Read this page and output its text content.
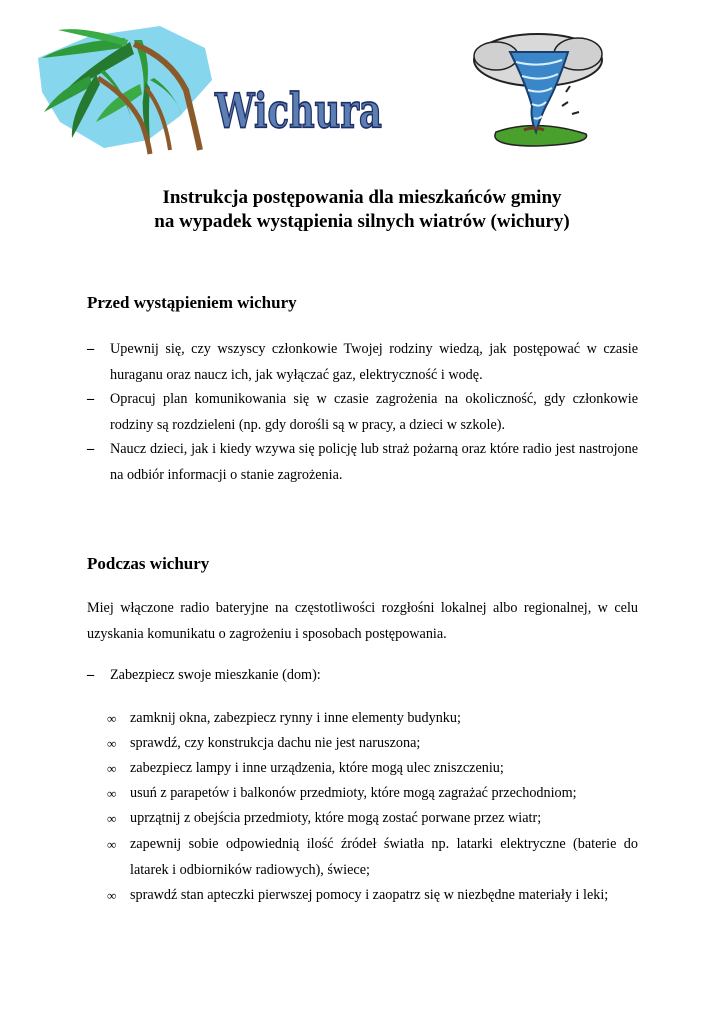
Wichura
Instrukcja postępowania dla mieszkańców gminy
na wypadek wystąpienia silnych wiatrów (wichury)
Przed wystąpieniem wichury
– Upewnij się, czy wszyscy członkowie Twojej rodziny wiedzą, jak postępować w czasie huraganu oraz naucz ich, jak wyłączać gaz, elektryczność i wodę.
– Opracuj plan komunikowania się w czasie zagrożenia na okoliczność, gdy członkowie rodziny są rozdzieleni (np. gdy dorośli są w pracy, a dzieci w szkole).
– Naucz dzieci, jak i kiedy wzywa się policję lub straż pożarną oraz które radio jest nastrojone na odbiór informacji o stanie zagrożenia.
Podczas wichury
Miej włączone radio bateryjne na częstotliwości rozgłośni lokalnej albo regionalnej, w celu uzyskania komunikatu o zagrożeniu i sposobach postępowania.
– Zabezpiecz swoje mieszkanie (dom):
∞ zamknij okna, zabezpiecz rynny i inne elementy budynku;
∞ sprawdź, czy konstrukcja dachu nie jest naruszona;
∞ zabezpiecz lampy i inne urządzenia, które mogą ulec zniszczeniu;
∞ usuń z parapetów i balkonów przedmioty, które mogą zagrażać przechodniom;
∞ uprzątnij z obejścia przedmioty, które mogą zostać porwane przez wiatr;
∞ zapewnij sobie odpowiednią ilość źródeł światła np. latarki elektryczne (baterie do latarek i odbiorników radiowych), świece;
∞ sprawdź stan apteczki pierwszej pomocy i zaopatrz się w niezbędne materiały i leki;
